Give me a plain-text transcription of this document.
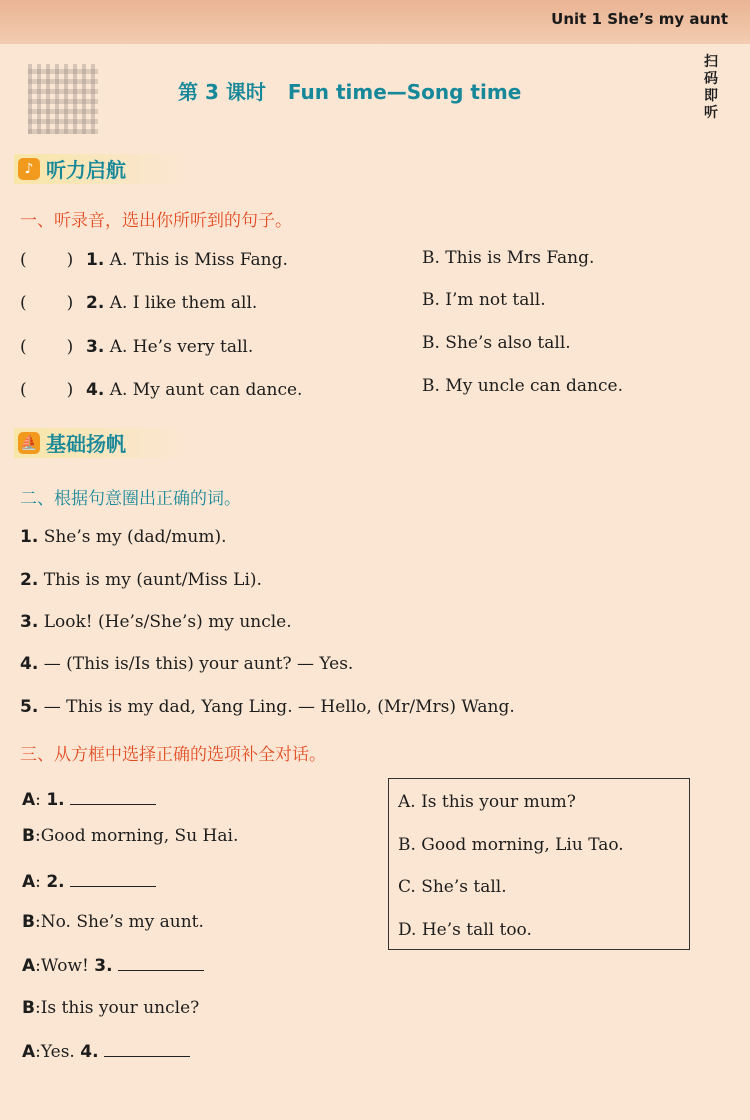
Unit 1 She’s my aunt
扫
码
即
听
第 3 课时 Fun time—Song time
♪ 听力启航
一、听录音，选出你所听到的句子。
( ) 1. A. This is Miss Fang.	B. This is Mrs Fang.
( ) 2. A. I like them all.	B. I’m not tall.
( ) 3. A. He’s very tall.	B. She’s also tall.
( ) 4. A. My aunt can dance.	B. My uncle can dance.
⛵ 基础扬帆
二、根据句意圈出正确的词。
1. She’s my (dad/mum).
2. This is my (aunt/Miss Li).
3. Look! (He’s/She’s) my uncle.
4. — (This is/Is this) your aunt? — Yes.
5. — This is my dad, Yang Ling. — Hello, (Mr/Mrs) Wang.
三、从方框中选择正确的选项补全对话。
A: 1.
B:Good morning, Su Hai.
A: 2.
B:No. She’s my aunt.
A:Wow! 3.
B:Is this your uncle?
A:Yes. 4.
A. Is this your mum?
B. Good morning, Liu Tao.
C. She’s tall.
D. He’s tall too.
